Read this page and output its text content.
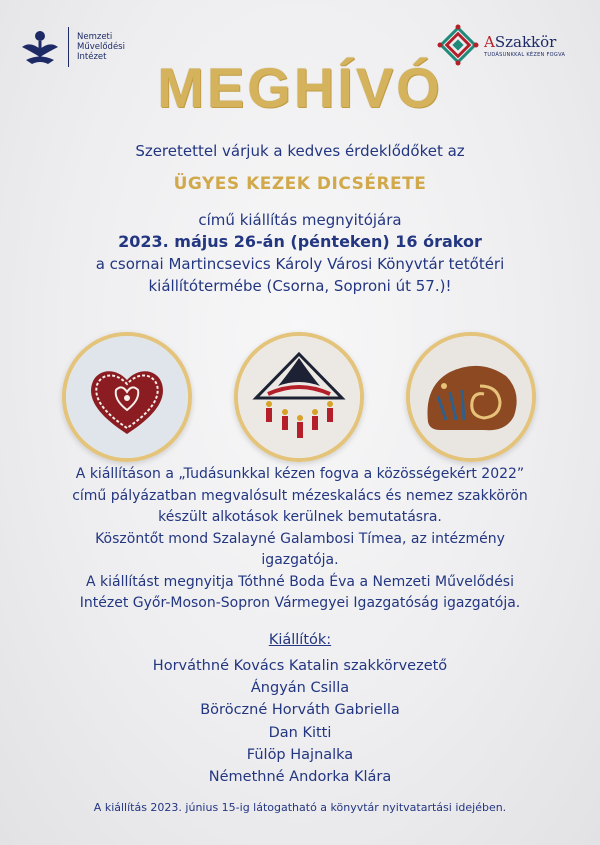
Nemzeti
Művelődési
Intézet
ASzakkör
TUDÁSUNKKAL KÉZEN FOGVA
MEGHÍVÓ
Szeretettel várjuk a kedves érdeklődőket az
ÜGYES KEZEK DICSÉRETE
című kiállítás megnyitójára
2023. május 26-án (pénteken) 16 órakor
a csornai Martincsevics Károly Városi Könyvtár tetőtéri
kiállítótermébe (Csorna, Soproni út 57.)!
A kiállításon a „Tudásunkkal kézen fogva a közösségekért 2022”
című pályázatban megvalósult mézeskalács és nemez szakkörön
készült alkotások kerülnek bemutatásra.
Köszöntőt mond Szalayné Galambosi Tímea, az intézmény
igazgatója.
A kiállítást megnyitja Tóthné Boda Éva a Nemzeti Művelődési
Intézet Győr-Moson-Sopron Vármegyei Igazgatóság igazgatója.
Kiállítók:
Horváthné Kovács Katalin szakkörvezető
Ángyán Csilla
Böröczné Horváth Gabriella
Dan Kitti
Fülöp Hajnalka
Némethné Andorka Klára
A kiállítás 2023. június 15-ig látogatható a könyvtár nyitvatartási idejében.
